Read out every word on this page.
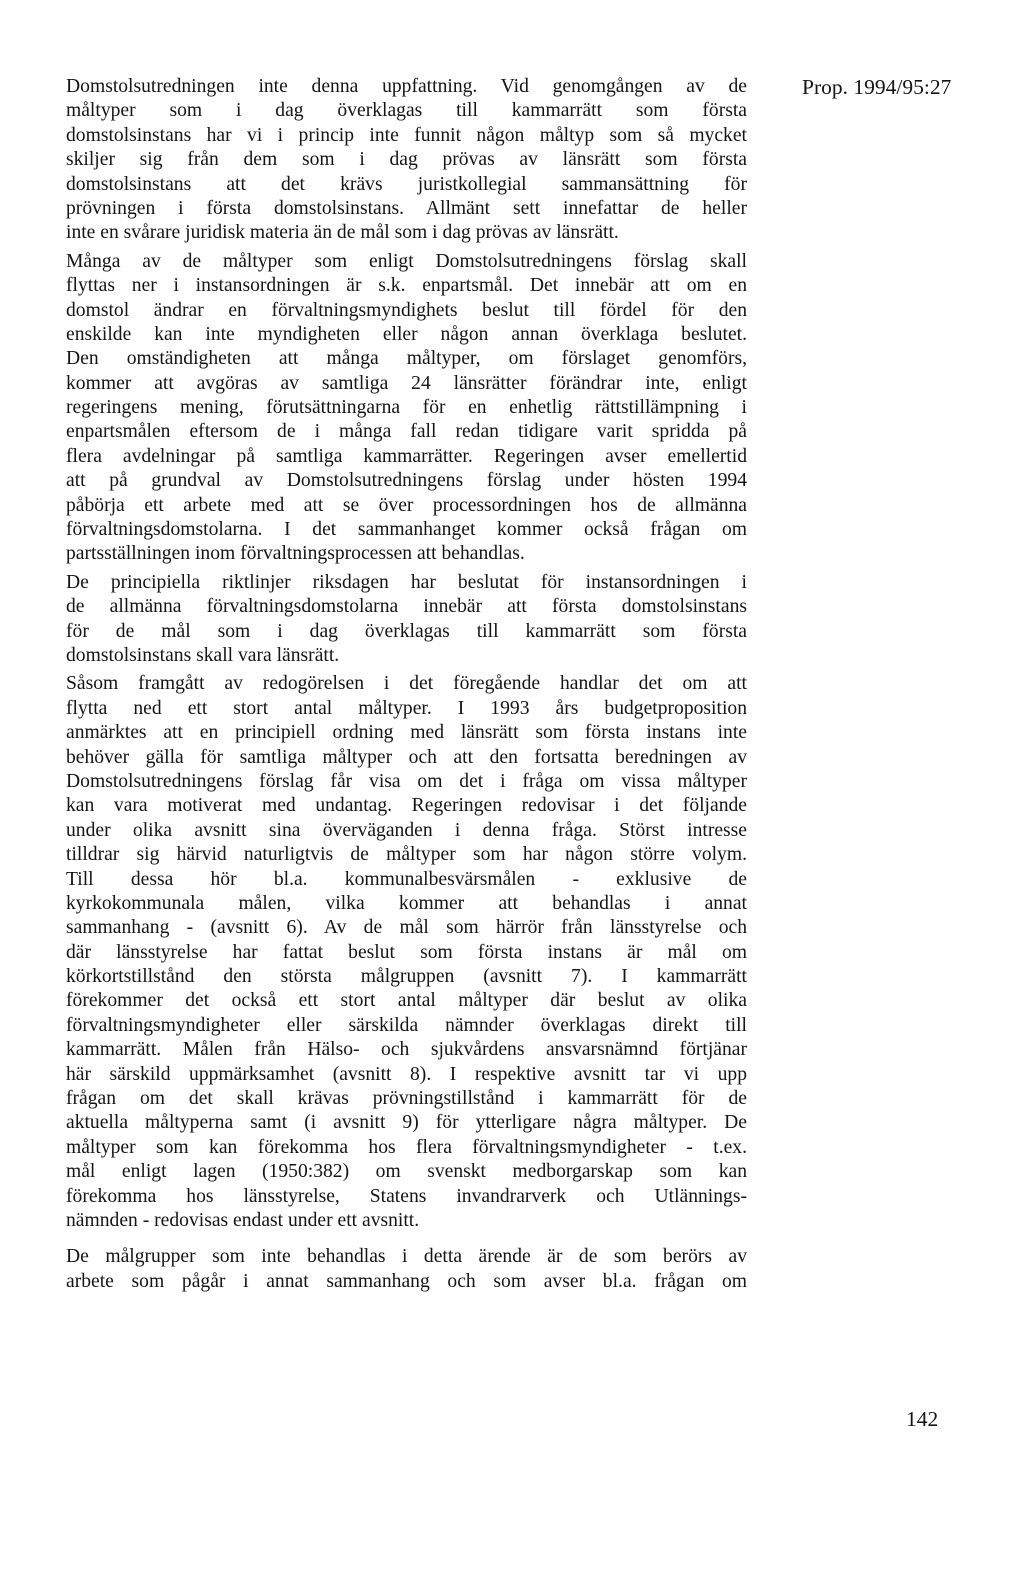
Prop. 1994/95:27
Domstolsutredningen inte denna uppfattning. Vid genomgången av de
måltyper som i dag överklagas till kammarrätt som första
domstolsinstans har vi i princip inte funnit någon måltyp som så mycket
skiljer sig från dem som i dag prövas av länsrätt som första
domstolsinstans att det krävs juristkollegial sammansättning för
prövningen i första domstolsinstans. Allmänt sett innefattar de heller
inte en svårare juridisk materia än de mål som i dag prövas av länsrätt.
Många av de måltyper som enligt Domstolsutredningens förslag skall
flyttas ner i instansordningen är s.k. enpartsmål. Det innebär att om en
domstol ändrar en förvaltningsmyndighets beslut till fördel för den
enskilde kan inte myndigheten eller någon annan överklaga beslutet.
Den omständigheten att många måltyper, om förslaget genomförs,
kommer att avgöras av samtliga 24 länsrätter förändrar inte, enligt
regeringens mening, förutsättningarna för en enhetlig rättstillämpning i
enpartsmålen eftersom de i många fall redan tidigare varit spridda på
flera avdelningar på samtliga kammarrätter. Regeringen avser emellertid
att på grundval av Domstolsutredningens förslag under hösten 1994
påbörja ett arbete med att se över processordningen hos de allmänna
förvaltningsdomstolarna. I det sammanhanget kommer också frågan om
partsställningen inom förvaltningsprocessen att behandlas.
De principiella riktlinjer riksdagen har beslutat för instansordningen i
de allmänna förvaltningsdomstolarna innebär att första domstolsinstans
för de mål som i dag överklagas till kammarrätt som första
domstolsinstans skall vara länsrätt.
Såsom framgått av redogörelsen i det föregående handlar det om att
flytta ned ett stort antal måltyper. I 1993 års budgetproposition
anmärktes att en principiell ordning med länsrätt som första instans inte
behöver gälla för samtliga måltyper och att den fortsatta beredningen av
Domstolsutredningens förslag får visa om det i fråga om vissa måltyper
kan vara motiverat med undantag. Regeringen redovisar i det följande
under olika avsnitt sina överväganden i denna fråga. Störst intresse
tilldrar sig härvid naturligtvis de måltyper som har någon större volym.
Till dessa hör bl.a. kommunalbesvärsmålen - exklusive de
kyrkokommunala målen, vilka kommer att behandlas i annat
sammanhang - (avsnitt 6). Av de mål som härrör från länsstyrelse och
där länsstyrelse har fattat beslut som första instans är mål om
körkortstillstånd den största målgruppen (avsnitt 7). I kammarrätt
förekommer det också ett stort antal måltyper där beslut av olika
förvaltningsmyndigheter eller särskilda nämnder överklagas direkt till
kammarrätt. Målen från Hälso- och sjukvårdens ansvarsnämnd förtjänar
här särskild uppmärksamhet (avsnitt 8). I respektive avsnitt tar vi upp
frågan om det skall krävas prövningstillstånd i kammarrätt för de
aktuella måltyperna samt (i avsnitt 9) för ytterligare några måltyper. De
måltyper som kan förekomma hos flera förvaltningsmyndigheter - t.ex.
mål enligt lagen (1950:382) om svenskt medborgarskap som kan
förekomma hos länsstyrelse, Statens invandrarverk och Utlännings-
nämnden - redovisas endast under ett avsnitt.
De målgrupper som inte behandlas i detta ärende är de som berörs av
arbete som pågår i annat sammanhang och som avser bl.a. frågan om
142
